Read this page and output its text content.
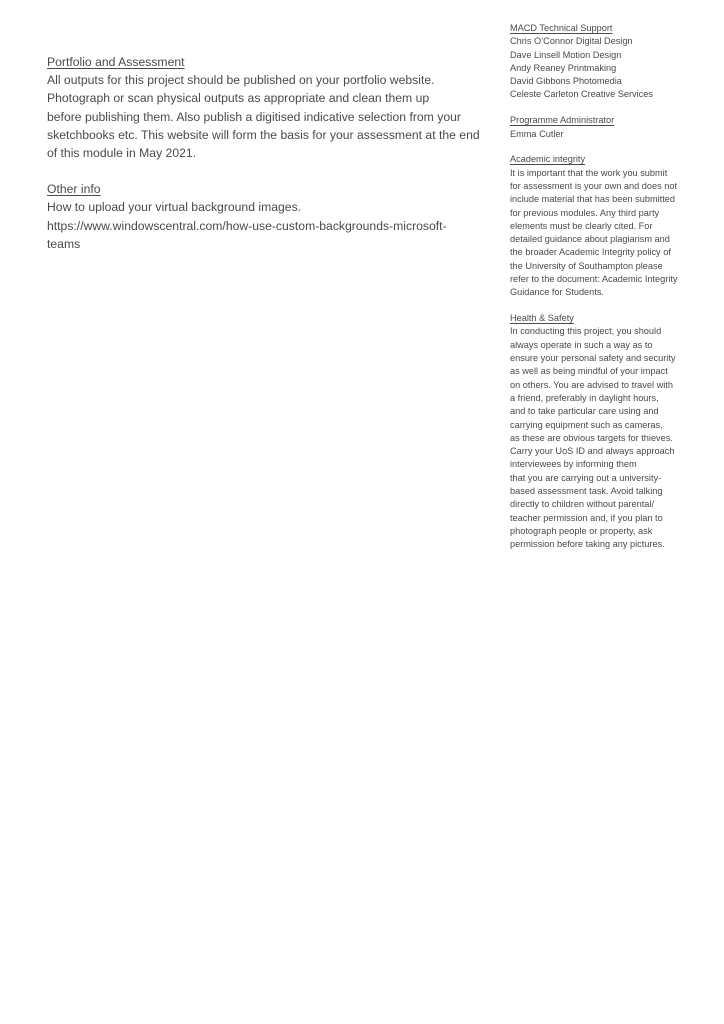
Portfolio and Assessment
All outputs for this project should be published on your portfolio website.
Photograph or scan physical outputs as appropriate and clean them up
before publishing them. Also publish a digitised indicative selection from your
sketchbooks etc. This website will form the basis for your assessment at the end
of this module in May 2021.
Other info
How to upload your virtual background images.
https://www.windowscentral.com/how-use-custom-backgrounds-microsoft-
teams
MACD Technical Support
Chris O’Connor Digital Design
Dave Linsell Motion Design
Andy Reaney Printmaking
David Gibbons Photomedia
Celeste Carleton Creative Services
Programme Administrator
Emma Cutler
Academic integrity
It is important that the work you submit
for assessment is your own and does not
include material that has been submitted
for previous modules. Any third party
elements must be clearly cited. For
detailed guidance about plagiarism and
the broader Academic Integrity policy of
the University of Southampton please
refer to the document: Academic Integrity
Guidance for Students.
Health & Safety
In conducting this project, you should
always operate in such a way as to
ensure your personal safety and security
as well as being mindful of your impact
on others. You are advised to travel with
a friend, preferably in daylight hours,
and to take particular care using and
carrying equipment such as cameras,
as these are obvious targets for thieves.
Carry your UoS ID and always approach
interviewees by informing them
that you are carrying out a university-
based assessment task. Avoid talking
directly to children without parental/
teacher permission and, if you plan to
photograph people or property, ask
permission before taking any pictures.
